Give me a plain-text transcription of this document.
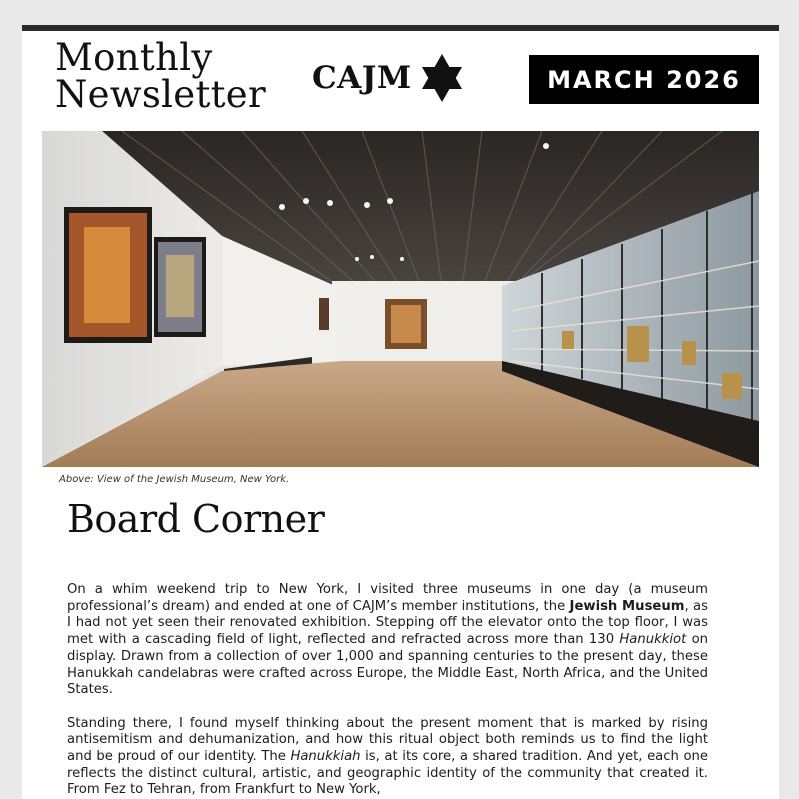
Monthly
Newsletter CAJM	MARCH 2026
Above: View of the Jewish Museum, New York.
Board Corner

On a whim weekend trip to New York, I visited three museums in one day (a museum professional’s dream) and ended at one of CAJM’s member institutions, the Jewish Museum, as I had not yet seen their renovated exhibition. Stepping off the elevator onto the top floor, I was met with a cascading field of light, reflected and refracted across more than 130 Hanukkiot on display. Drawn from a collection of over 1,000 and spanning centuries to the present day, these Hanukkah candelabras were crafted across Europe, the Middle East, North Africa, and the United States.

Standing there, I found myself thinking about the present moment that is marked by rising antisemitism and dehumanization, and how this ritual object both reminds us to find the light and be proud of our identity. The Hanukkiah is, at its core, a shared tradition. And yet, each one reflects the distinct cultural, artistic, and geographic identity of the community that created it. From Fez to Tehran, from Frankfurt to New York,
